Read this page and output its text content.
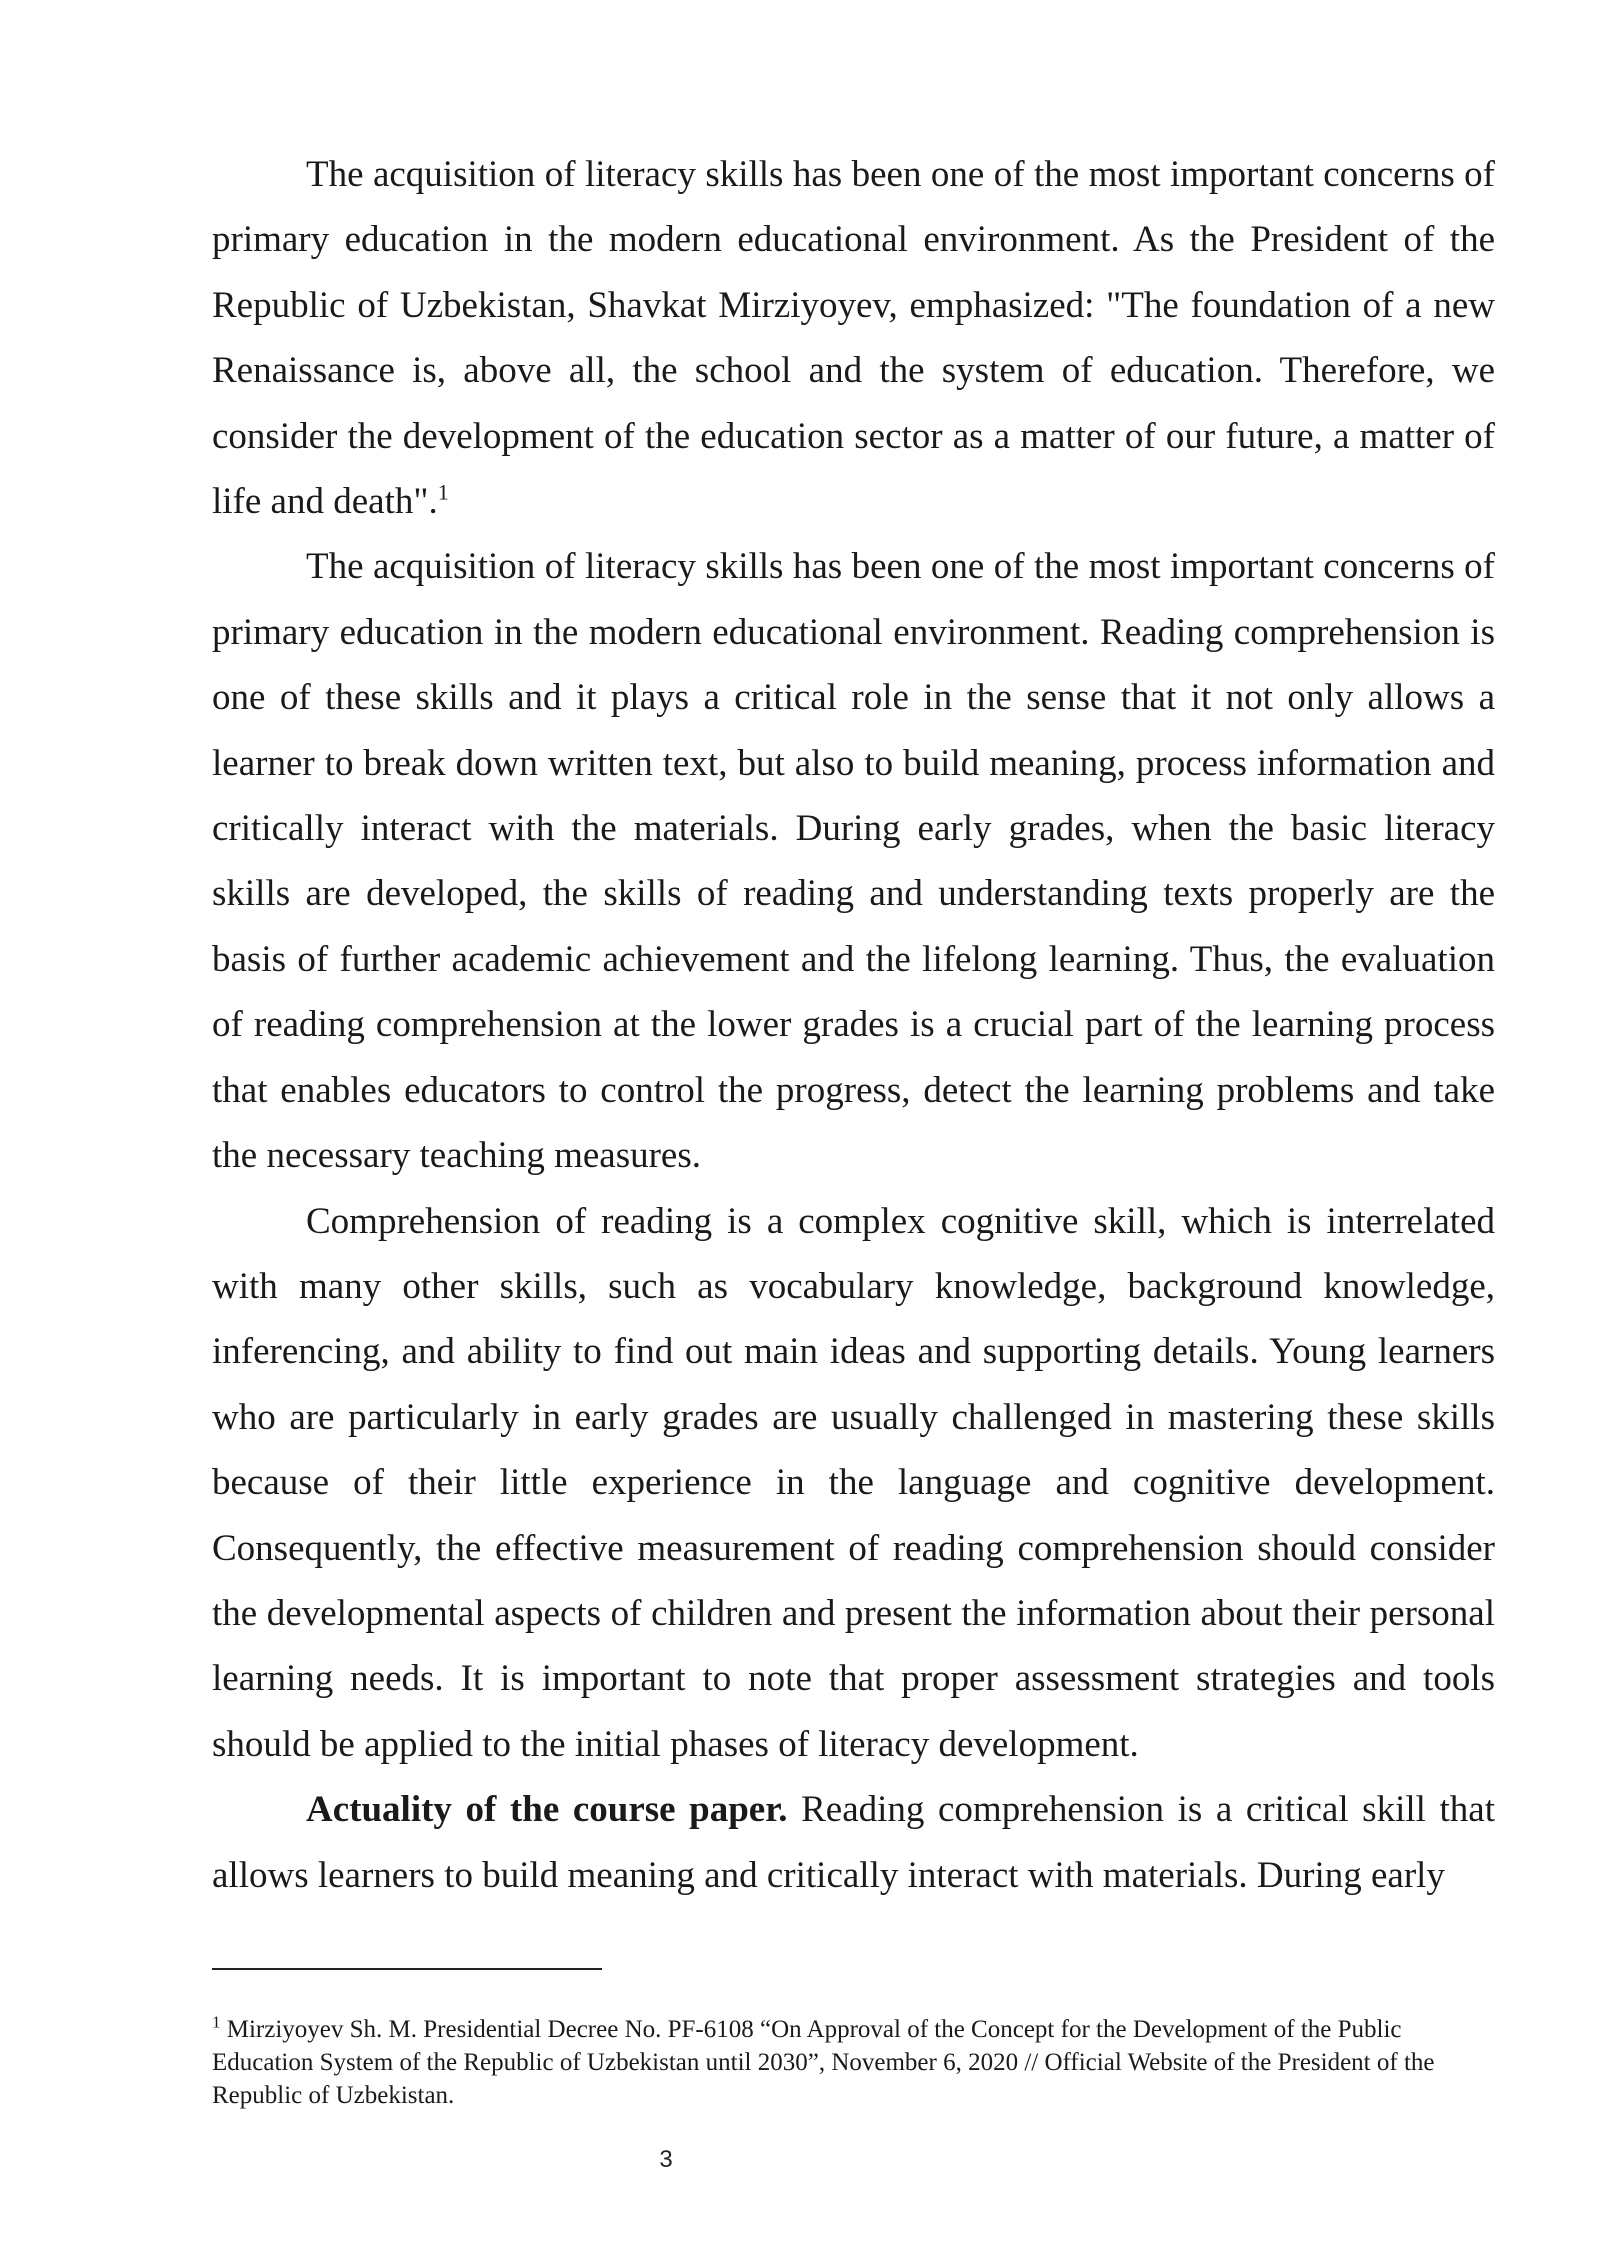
The acquisition of literacy skills has been one of the most important concerns of primary education in the modern educational environment. As the President of the Republic of Uzbekistan, Shavkat Mirziyoyev, emphasized: "The foundation of a new Renaissance is, above all, the school and the system of education. Therefore, we consider the development of the education sector as a matter of our future, a matter of life and death".$^1$

The acquisition of literacy skills has been one of the most important concerns of primary education in the modern educational environment. Reading comprehension is one of these skills and it plays a critical role in the sense that it not only allows a learner to break down written text, but also to build meaning, process information and critically interact with the materials. During early grades, when the basic literacy skills are developed, the skills of reading and understanding texts properly are the basis of further academic achievement and the lifelong learning. Thus, the evaluation of reading comprehension at the lower grades is a crucial part of the learning process that enables educators to control the progress, detect the learning problems and take the necessary teaching measures.

Comprehension of reading is a complex cognitive skill, which is interrelated with many other skills, such as vocabulary knowledge, background knowledge, inferencing, and ability to find out main ideas and supporting details. Young learners who are particularly in early grades are usually challenged in mastering these skills because of their little experience in the language and cognitive development. Consequently, the effective measurement of reading comprehension should consider the developmental aspects of children and present the information about their personal learning needs. It is important to note that proper assessment strategies and tools should be applied to the initial phases of literacy development.

Actuality of the course paper. Reading comprehension is a critical skill that allows learners to build meaning and critically interact with materials. During early

$^1$ Mirziyoyev Sh. M. Presidential Decree No. PF-6108 “On Approval of the Concept for the Development of the Public Education System of the Republic of Uzbekistan until 2030”, November 6, 2020 // Official Website of the President of the Republic of Uzbekistan.
3
